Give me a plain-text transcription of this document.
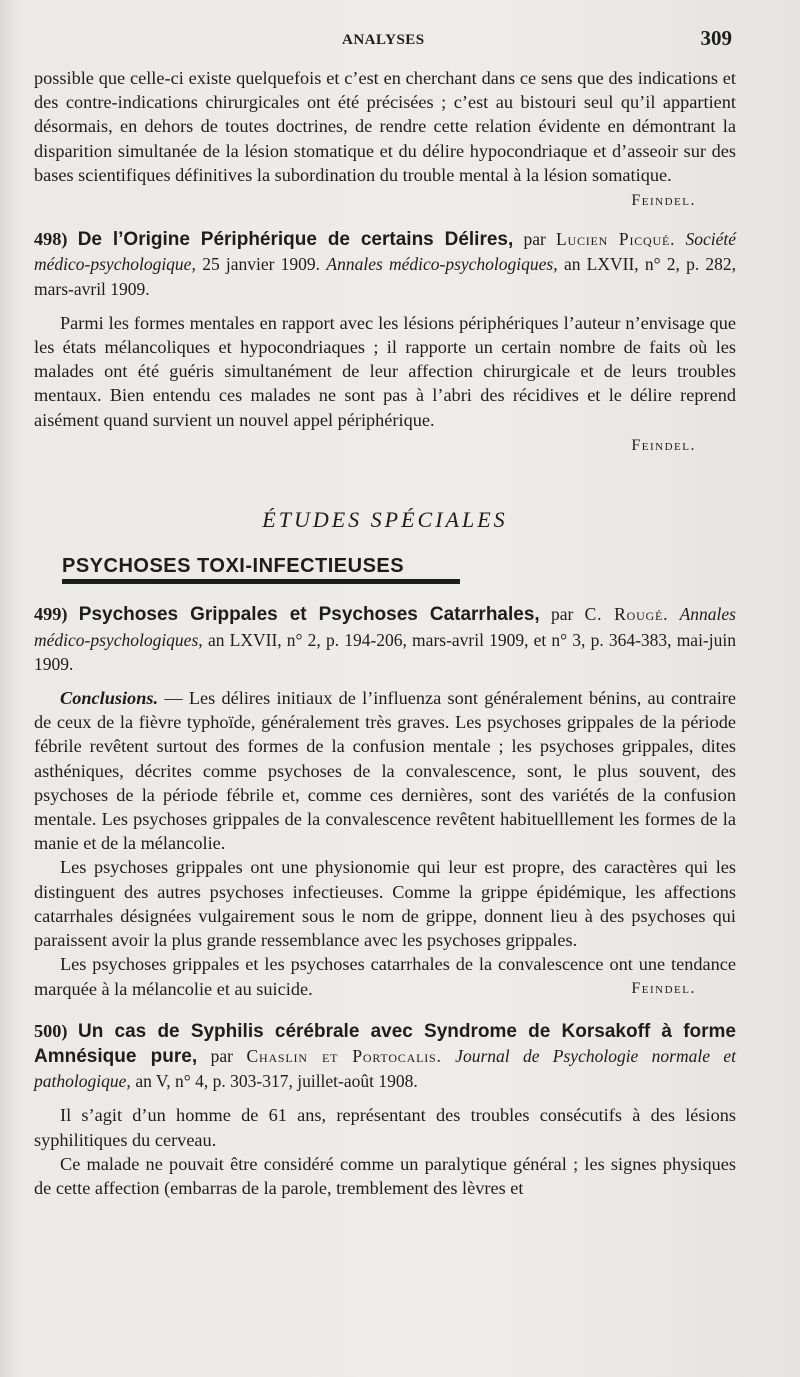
ANALYSES	309

possible que celle-ci existe quelquefois et c’est en cherchant dans ce sens que des indications et des contre-indications chirurgicales ont été précisées ; c’est au bistouri seul qu’il appartient désormais, en dehors de toutes doctrines, de rendre cette relation évidente en démontrant la disparition simultanée de la lésion stomatique et du délire hypocondriaque et d’asseoir sur des bases scientifiques définitives la subordination du trouble mental à la lésion somatique.

Feindel.

498) De l’Origine Périphérique de certains Délires, par Lucien Picqué. Société médico-psychologique, 25 janvier 1909. Annales médico-psychologiques, an LXVII, n° 2, p. 282, mars-avril 1909.

Parmi les formes mentales en rapport avec les lésions périphériques l’auteur n’envisage que les états mélancoliques et hypocondriaques ; il rapporte un certain nombre de faits où les malades ont été guéris simultanément de leur affection chirurgicale et de leurs troubles mentaux. Bien entendu ces malades ne sont pas à l’abri des récidives et le délire reprend aisément quand survient un nouvel appel périphérique.

Feindel.
ÉTUDES SPÉCIALES
PSYCHOSES TOXI-INFECTIEUSES

499) Psychoses Grippales et Psychoses Catarrhales, par C. Rougé. Annales médico-psychologiques, an LXVII, n° 2, p. 194-206, mars-avril 1909, et n° 3, p. 364-383, mai-juin 1909.

Conclusions. — Les délires initiaux de l’influenza sont généralement bénins, au contraire de ceux de la fièvre typhoïde, généralement très graves. Les psychoses grippales de la période fébrile revêtent surtout des formes de la confusion mentale ; les psychoses grippales, dites asthéniques, décrites comme psychoses de la convalescence, sont, le plus souvent, des psychoses de la période fébrile et, comme ces dernières, sont des variétés de la confusion mentale. Les psychoses grippales de la convalescence revêtent habituelllement les formes de la manie et de la mélancolie.

Les psychoses grippales ont une physionomie qui leur est propre, des caractères qui les distinguent des autres psychoses infectieuses. Comme la grippe épidémique, les affections catarrhales désignées vulgairement sous le nom de grippe, donnent lieu à des psychoses qui paraissent avoir la plus grande ressemblance avec les psychoses grippales.

Les psychoses grippales et les psychoses catarrhales de la convalescence ont une tendance marquée à la mélancolie et au suicide.	Feindel.

500) Un cas de Syphilis cérébrale avec Syndrome de Korsakoff à forme Amnésique pure, par Chaslin et Portocalis. Journal de Psychologie normale et pathologique, an V, n° 4, p. 303-317, juillet-août 1908.

Il s’agit d’un homme de 61 ans, représentant des troubles consécutifs à des lésions syphilitiques du cerveau.

Ce malade ne pouvait être considéré comme un paralytique général ; les signes physiques de cette affection (embarras de la parole, tremblement des lèvres et
